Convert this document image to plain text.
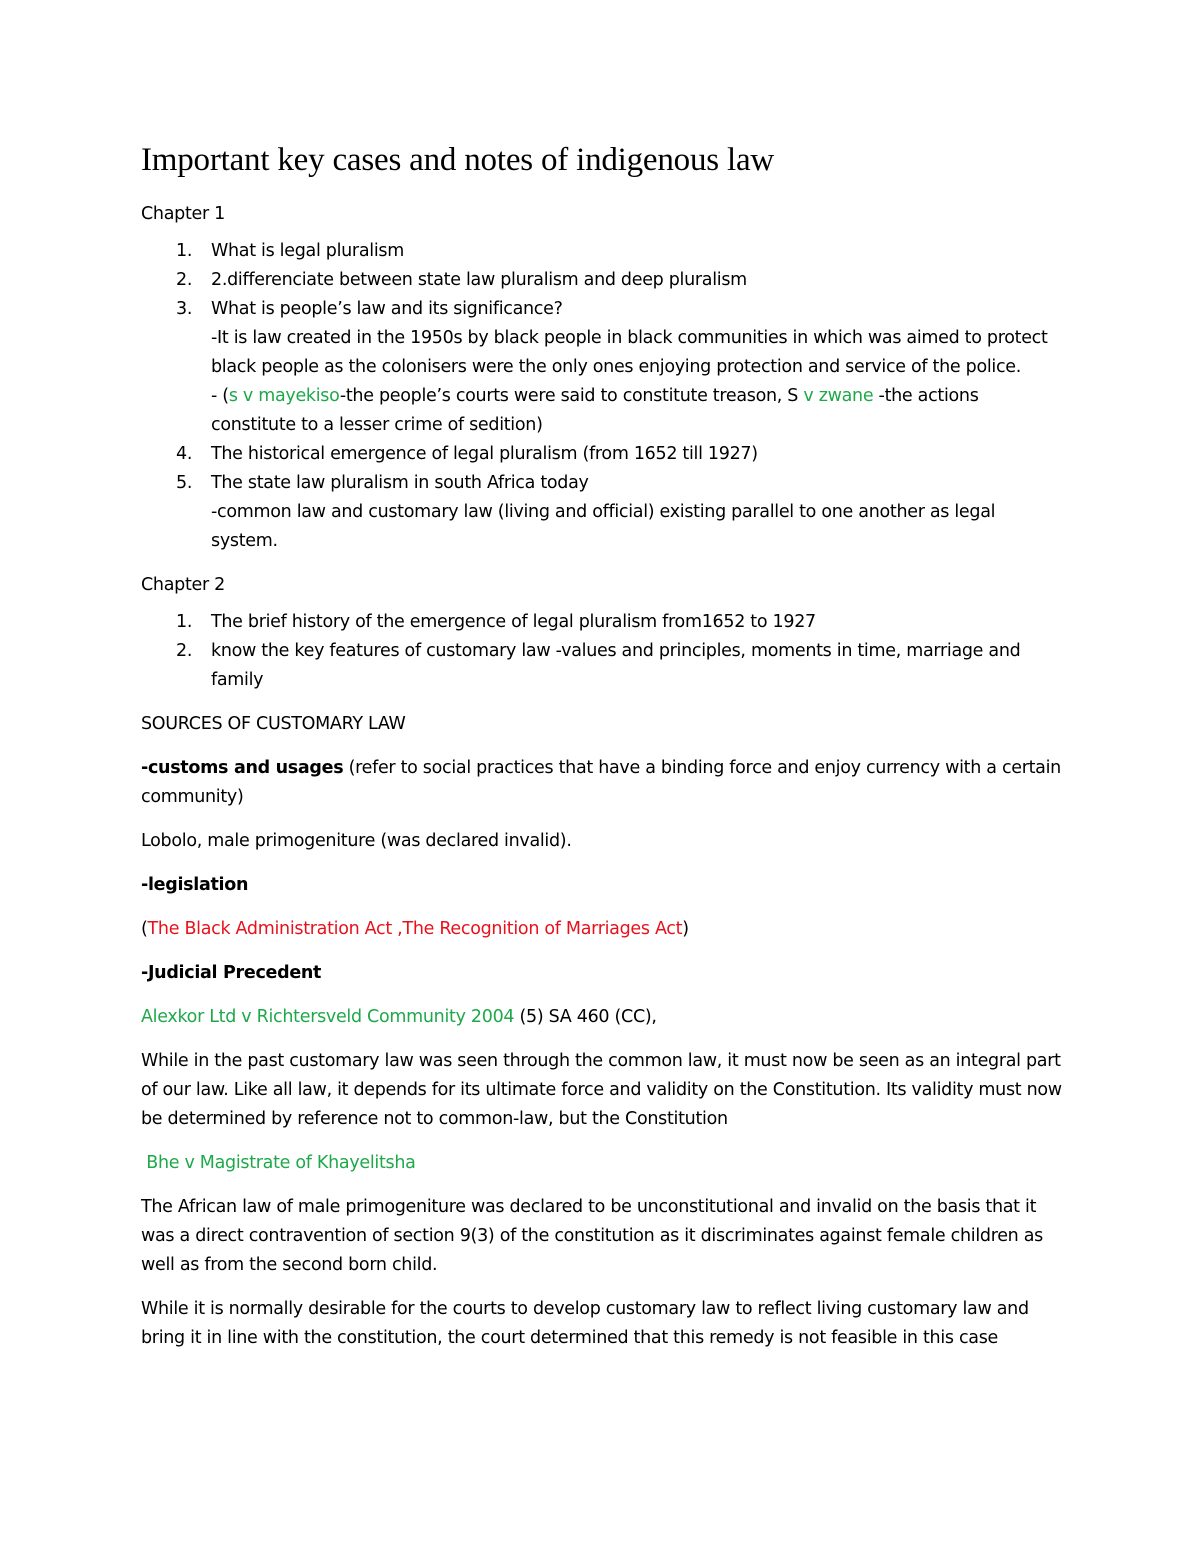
Important key cases and notes of indigenous law

Chapter 1

1. What is legal pluralism
2. 2.differenciate between state law pluralism and deep pluralism
3. What is people’s law and its significance?
-It is law created in the 1950s by black people in black communities in which was aimed to protect black people as the colonisers were the only ones enjoying protection and service of the police.
- (s v mayekiso-the people’s courts were said to constitute treason, S v zwane -the actions constitute to a lesser crime of sedition)
4. The historical emergence of legal pluralism (from 1652 till 1927)
5. The state law pluralism in south Africa today
-common law and customary law (living and official) existing parallel to one another as legal system.

Chapter 2

1. The brief history of the emergence of legal pluralism from1652 to 1927
2. know the key features of customary law -values and principles, moments in time, marriage and family

SOURCES OF CUSTOMARY LAW

-customs and usages (refer to social practices that have a binding force and enjoy currency with a certain community)

Lobolo, male primogeniture (was declared invalid).

-legislation

(The Black Administration Act ,The Recognition of Marriages Act)

-Judicial Precedent

Alexkor Ltd v Richtersveld Community 2004 (5) SA 460 (CC),

While in the past customary law was seen through the common law, it must now be seen as an integral part of our law. Like all law, it depends for its ultimate force and validity on the Constitution. Its validity must now be determined by reference not to common-law, but the Constitution

Bhe v Magistrate of Khayelitsha

The African law of male primogeniture was declared to be unconstitutional and invalid on the basis that it was a direct contravention of section 9(3) of the constitution as it discriminates against female children as well as from the second born child.

While it is normally desirable for the courts to develop customary law to reflect living customary law and bring it in line with the constitution, the court determined that this remedy is not feasible in this case
